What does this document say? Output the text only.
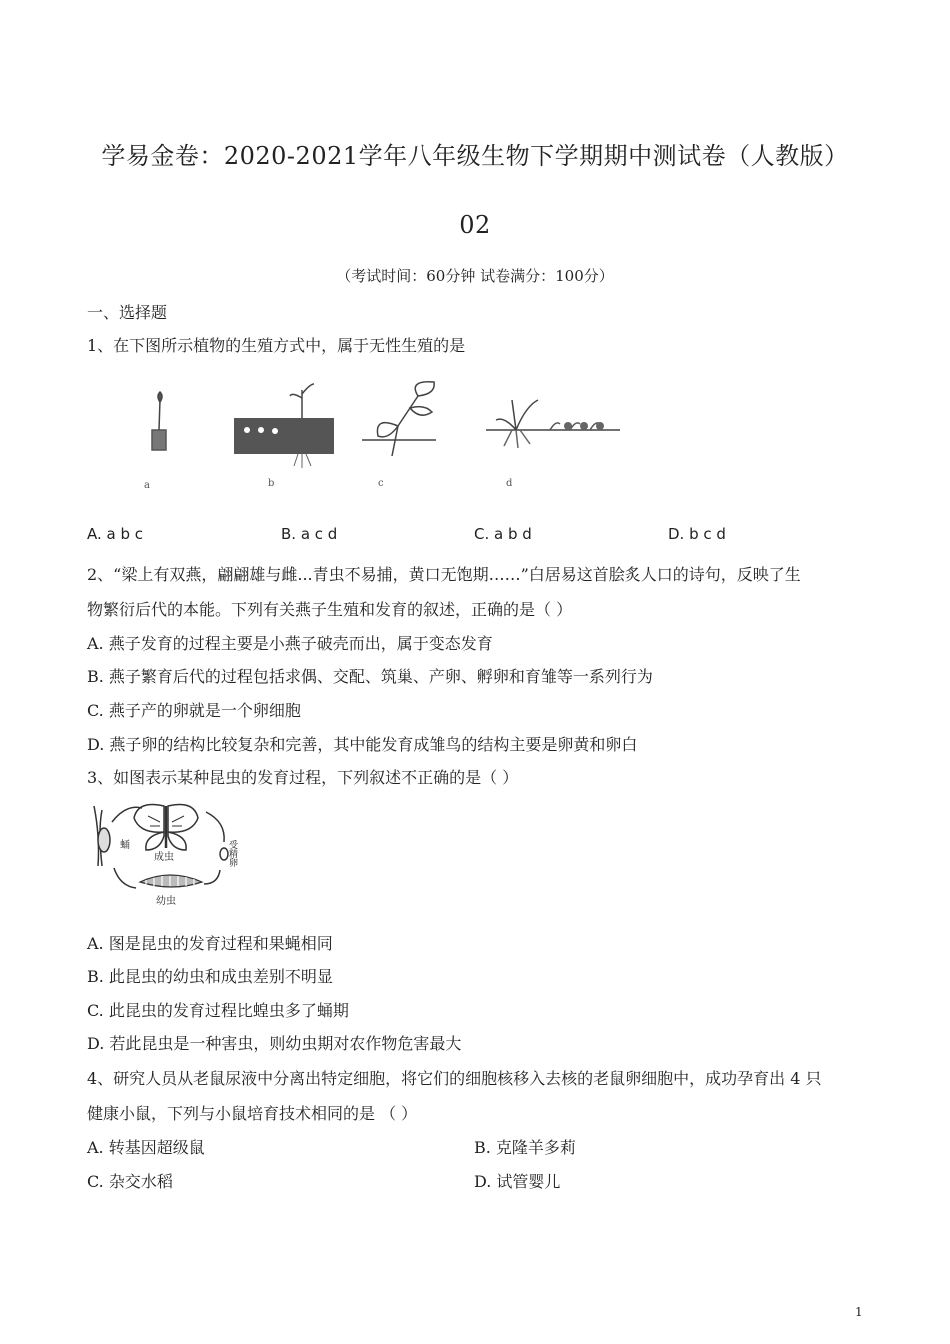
学易金卷：2020-2021学年八年级生物下学期期中测试卷（人教版）
02
（考试时间：60分钟 试卷满分：100分）
一、选择题
1、在下图所示植物的生殖方式中，属于无性生殖的是
a	b	c	d
A. a b c	B. a c d	C. a b d	D. b c d
2、“梁上有双燕，翩翩雄与雌...青虫不易捕，黄口无饱期……”白居易这首脍炙人口的诗句，反映了生
物繁衍后代的本能。下列有关燕子生殖和发育的叙述，正确的是（ ）
A. 燕子发育的过程主要是小燕子破壳而出，属于变态发育
B. 燕子繁育后代的过程包括求偶、交配、筑巢、产卵、孵卵和育雏等一系列行为
C. 燕子产的卵就是一个卵细胞
D. 燕子卵的结构比较复杂和完善，其中能发育成雏鸟的结构主要是卵黄和卵白
3、如图表示某种昆虫的发育过程，下列叙述不正确的是（ ）
成虫
蛹	受精卵
幼虫
A. 图是昆虫的发育过程和果蝇相同
B. 此昆虫的幼虫和成虫差别不明显
C. 此昆虫的发育过程比蝗虫多了蛹期
D. 若此昆虫是一种害虫，则幼虫期对农作物危害最大
4、研究人员从老鼠尿液中分离出特定细胞，将它们的细胞核移入去核的老鼠卵细胞中，成功孕育出 4 只
健康小鼠，下列与小鼠培育技术相同的是 （ ）
A. 转基因超级鼠	B. 克隆羊多莉
C. 杂交水稻	D. 试管婴儿
1
